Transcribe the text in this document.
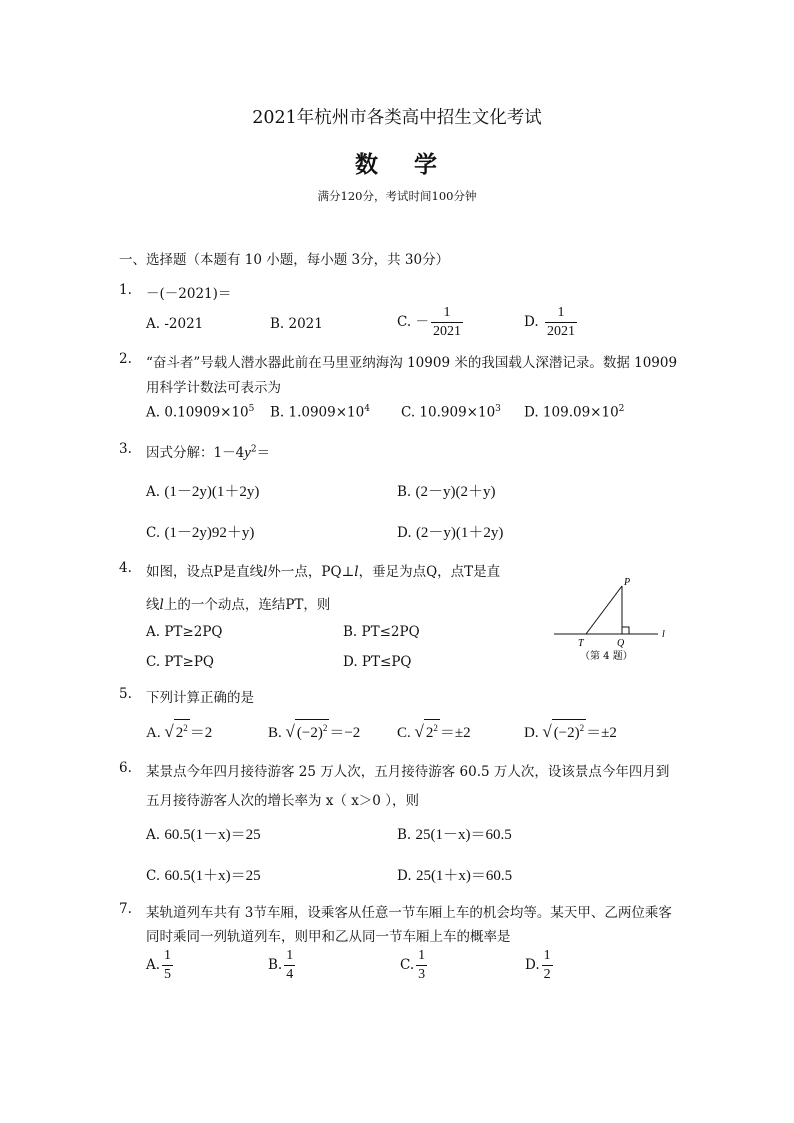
2021年杭州市各类高中招生文化考试
数 学
满分120分，考试时间100分钟
一、选择题（本题有 10 小题，每小题 3分，共 30分）
1. －(－2021)＝
A. -2021	B. 2021	C. － $\frac{1}{2021}$	D. $\frac{1}{2021}$
2. “奋斗者”号载人潜水器此前在马里亚纳海沟 10909 米的我国载人深潜记录。数据 10909
用科学计数法可表示为
A. $0.10909\times 10^5$ B. $1.0909\times 10^4$ C. $10.909\times 10^3$ D. $109.09\times 10^2$
3. 因式分解：$1-4y^2=$
A. (1－2y)(1＋2y)	B. (2－y)(2＋y)
C. (1－2y)92＋y)	D. (2－y)(1＋2y)
4. 如图，设点P是直线l外一点，PQ⊥l，垂足为点Q，点T是直
线l上的一个动点，连结PT，则
A. PT≥2PQ	B. PT≤2PQ
C. PT≥PQ	D. PT≤PQ
P
T	Q
l
（第 4 题）
5. 下列计算正确的是
A. √ $2^2 =2$	B. √ $(-2)^2 =-2$ C. √ $2^2 =\pm 2$	D. √ $(-2)^2 =\pm 2$
6. 某景点今年四月接待游客 25 万人次，五月接待游客 60.5 万人次，设该景点今年四月到
五月接待游客人次的增长率为 x（ x＞0 ），则
A. 60.5(1－x)＝25	B. 25(1－x)＝60.5
C. 60.5(1＋x)＝25	D. 25(1＋x)＝60.5
7. 某轨道列车共有 3节车厢，设乘客从任意一节车厢上车的机会均等。某天甲、乙两位乘客
同时乘同一列轨道列车，则甲和乙从同一节车厢上车的概率是
A. $\frac{1}{5}$	B. $\frac{1}{4}$	C. $\frac{1}{3}$	D. $\frac{1}{2}$
